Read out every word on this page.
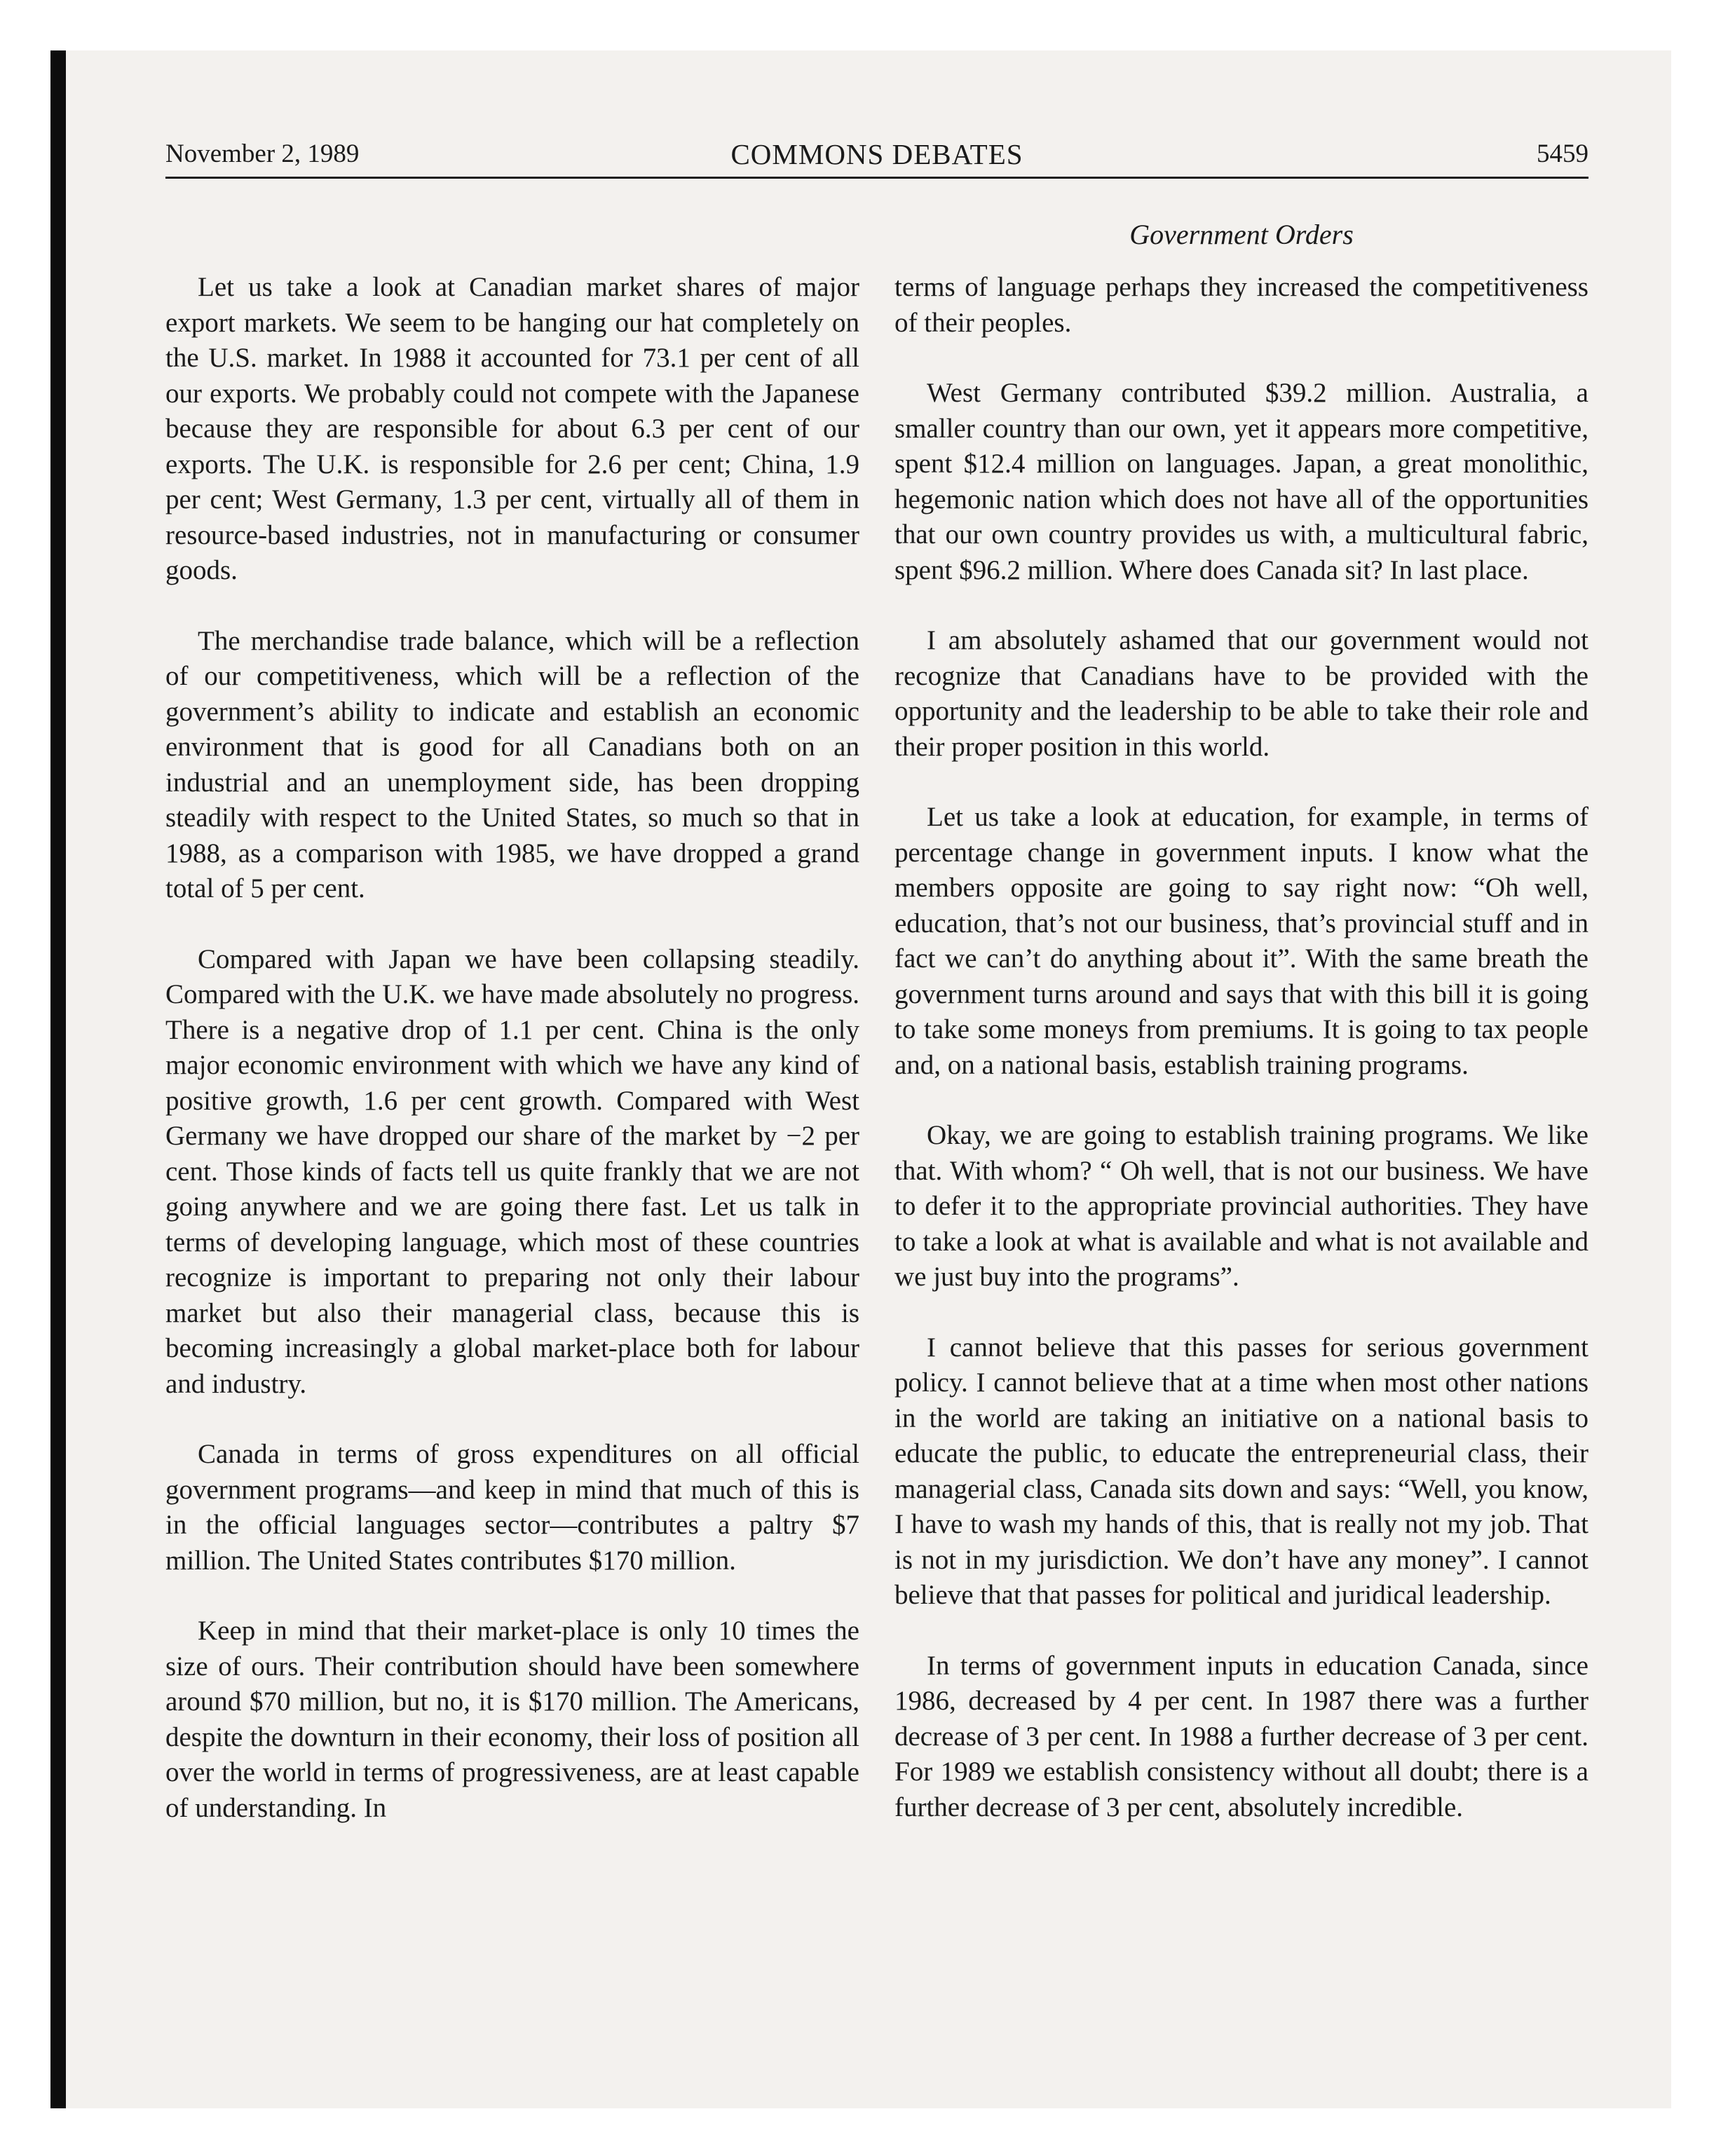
November 2, 1989	COMMONS DEBATES	5459
Government Orders

Let us take a look at Canadian market shares of major export markets. We seem to be hanging our hat completely on the U.S. market. In 1988 it accounted for 73.1 per cent of all our exports. We probably could not compete with the Japanese because they are responsible for about 6.3 per cent of our exports. The U.K. is responsible for 2.6 per cent; China, 1.9 per cent; West Germany, 1.3 per cent, virtually all of them in resource-based industries, not in manufacturing or consumer goods.

The merchandise trade balance, which will be a reflection of our competitiveness, which will be a reflection of the government’s ability to indicate and establish an economic environment that is good for all Canadians both on an industrial and an unemployment side, has been dropping steadily with respect to the United States, so much so that in 1988, as a comparison with 1985, we have dropped a grand total of 5 per cent.

Compared with Japan we have been collapsing steadily. Compared with the U.K. we have made absolutely no progress. There is a negative drop of 1.1 per cent. China is the only major economic environment with which we have any kind of positive growth, 1.6 per cent growth. Compared with West Germany we have dropped our share of the market by −2 per cent. Those kinds of facts tell us quite frankly that we are not going anywhere and we are going there fast. Let us talk in terms of developing language, which most of these countries recognize is important to preparing not only their labour market but also their managerial class, because this is becoming increasingly a global market-place both for labour and industry.

Canada in terms of gross expenditures on all official government programs—and keep in mind that much of this is in the official languages sector—contributes a paltry $7 million. The United States contributes $170 million.

Keep in mind that their market-place is only 10 times the size of ours. Their contribution should have been somewhere around $70 million, but no, it is $170 million. The Americans, despite the downturn in their economy, their loss of position all over the world in terms of progressiveness, are at least capable of understanding. In

terms of language perhaps they increased the competitiveness of their peoples.

West Germany contributed $39.2 million. Australia, a smaller country than our own, yet it appears more competitive, spent $12.4 million on languages. Japan, a great monolithic, hegemonic nation which does not have all of the opportunities that our own country provides us with, a multicultural fabric, spent $96.2 million. Where does Canada sit? In last place.

I am absolutely ashamed that our government would not recognize that Canadians have to be provided with the opportunity and the leadership to be able to take their role and their proper position in this world.

Let us take a look at education, for example, in terms of percentage change in government inputs. I know what the members opposite are going to say right now: “Oh well, education, that’s not our business, that’s provincial stuff and in fact we can’t do anything about it”. With the same breath the government turns around and says that with this bill it is going to take some moneys from premiums. It is going to tax people and, on a national basis, establish training programs.

Okay, we are going to establish training programs. We like that. With whom? “ Oh well, that is not our business. We have to defer it to the appropriate provincial authorities. They have to take a look at what is available and what is not available and we just buy into the programs”.

I cannot believe that this passes for serious government policy. I cannot believe that at a time when most other nations in the world are taking an initiative on a national basis to educate the public, to educate the entrepreneurial class, their managerial class, Canada sits down and says: “Well, you know, I have to wash my hands of this, that is really not my job. That is not in my jurisdiction. We don’t have any money”. I cannot believe that that passes for political and juridical leadership.

In terms of government inputs in education Canada, since 1986, decreased by 4 per cent. In 1987 there was a further decrease of 3 per cent. In 1988 a further decrease of 3 per cent. For 1989 we establish consistency without all doubt; there is a further decrease of 3 per cent, absolutely incredible.
